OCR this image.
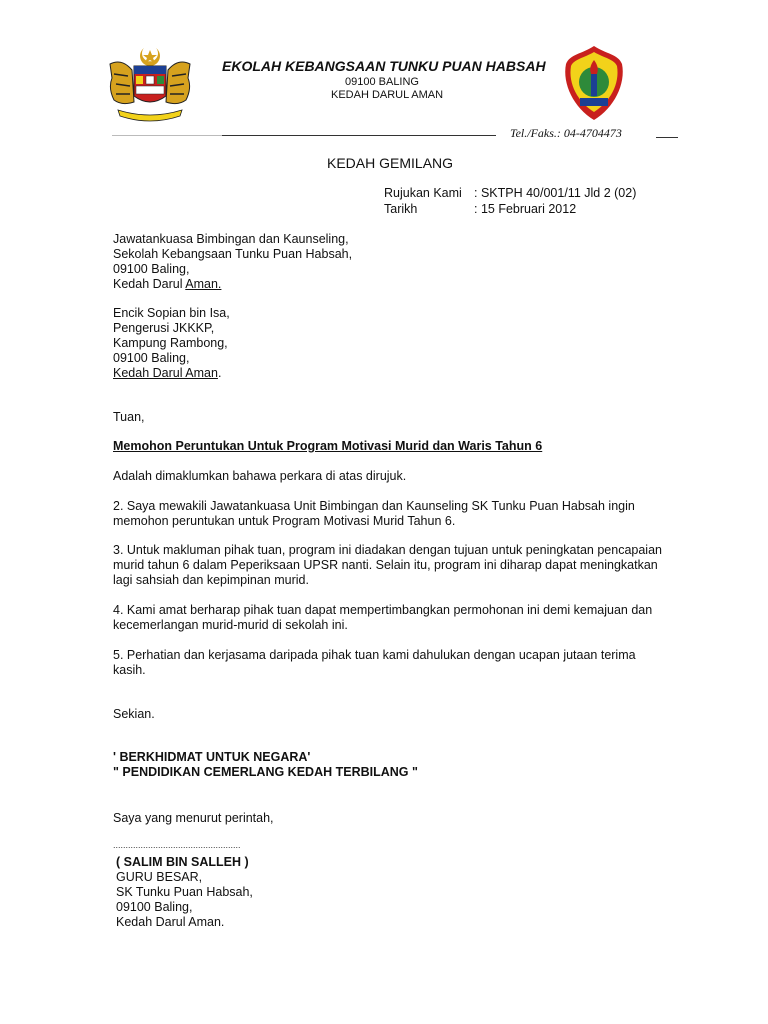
EKOLAH KEBANGSAAN TUNKU PUAN HABSAH
09100 BALING
KEDAH DARUL AMAN
Tel./Faks.: 04-4704473
KEDAH GEMILANG
Rujukan Kami : SKTPH 40/001/11 Jld 2 (02)
Tarikh	: 15 Februari 2012
Jawatankuasa Bimbingan dan Kaunseling,
Sekolah Kebangsaan Tunku Puan Habsah,
09100 Baling,
Kedah Darul Aman.
Encik Sopian bin Isa,
Pengerusi JKKKP,
Kampung Rambong,
09100 Baling,
Kedah Darul Aman.
Tuan,
Memohon Peruntukan Untuk Program Motivasi Murid dan Waris Tahun 6
Adalah dimaklumkan bahawa perkara di atas dirujuk.
2. Saya mewakili Jawatankuasa Unit Bimbingan dan Kaunseling SK Tunku Puan Habsah ingin
memohon peruntukan untuk Program Motivasi Murid Tahun 6.
3. Untuk makluman pihak tuan, program ini diadakan dengan tujuan untuk peningkatan pencapaian
murid tahun 6 dalam Peperiksaan UPSR nanti. Selain itu, program ini diharap dapat meningkatkan
lagi sahsiah dan kepimpinan murid.
4. Kami amat berharap pihak tuan dapat mempertimbangkan permohonan ini demi kemajuan dan
kecemerlangan murid-murid di sekolah ini.
5. Perhatian dan kerjasama daripada pihak tuan kami dahulukan dengan ucapan jutaan terima
kasih.
Sekian.
' BERKHIDMAT UNTUK NEGARA'
" PENDIDIKAN CEMERLANG KEDAH TERBILANG "
Saya yang menurut perintah,
...................................................
( SALIM BIN SALLEH )
GURU BESAR,
SK Tunku Puan Habsah,
09100 Baling,
Kedah Darul Aman.
